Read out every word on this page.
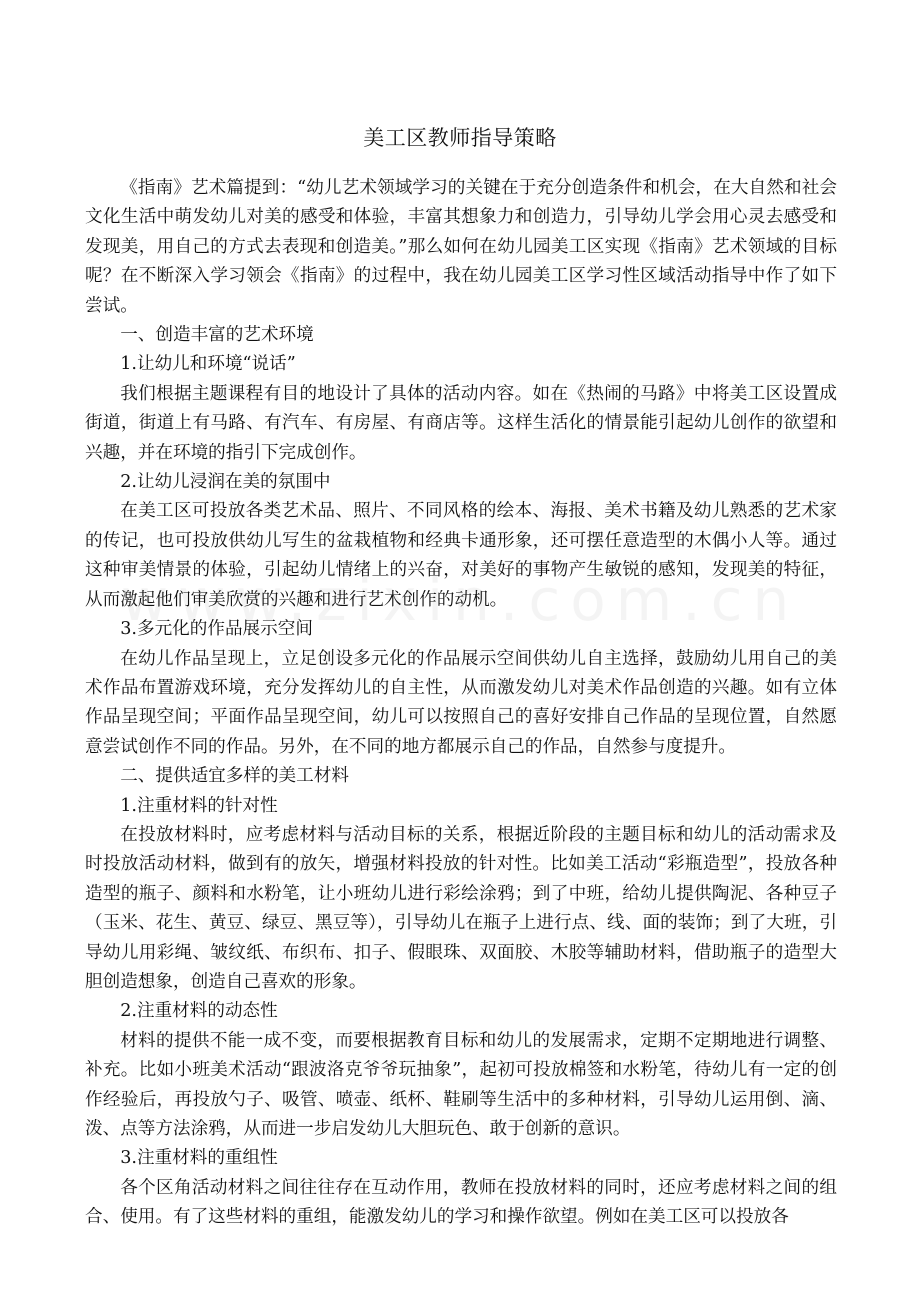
美工区教师指导策略

《指南》艺术篇提到：“幼儿艺术领域学习的关键在于充分创造条件和机会，在大自然和社会文化生活中萌发幼儿对美的感受和体验，丰富其想象力和创造力，引导幼儿学会用心灵去感受和发现美，用自己的方式去表现和创造美。”那么如何在幼儿园美工区实现《指南》艺术领域的目标呢？在不断深入学习领会《指南》的过程中，我在幼儿园美工区学习性区域活动指导中作了如下尝试。

一、创造丰富的艺术环境

1.让幼儿和环境“说话”

我们根据主题课程有目的地设计了具体的活动内容。如在《热闹的马路》中将美工区设置成街道，街道上有马路、有汽车、有房屋、有商店等。这样生活化的情景能引起幼儿创作的欲望和兴趣，并在环境的指引下完成创作。

2.让幼儿浸润在美的氛围中

在美工区可投放各类艺术品、照片、不同风格的绘本、海报、美术书籍及幼儿熟悉的艺术家的传记，也可投放供幼儿写生的盆栽植物和经典卡通形象，还可摆任意造型的木偶小人等。通过这种审美情景的体验，引起幼儿情绪上的兴奋，对美好的事物产生敏锐的感知，发现美的特征，从而激起他们审美欣赏的兴趣和进行艺术创作的动机。

3.多元化的作品展示空间

在幼儿作品呈现上，立足创设多元化的作品展示空间供幼儿自主选择，鼓励幼儿用自己的美术作品布置游戏环境，充分发挥幼儿的自主性，从而激发幼儿对美术作品创造的兴趣。如有立体作品呈现空间；平面作品呈现空间，幼儿可以按照自己的喜好安排自己作品的呈现位置，自然愿意尝试创作不同的作品。另外，在不同的地方都展示自己的作品，自然参与度提升。

二、提供适宜多样的美工材料

1.注重材料的针对性

在投放材料时，应考虑材料与活动目标的关系，根据近阶段的主题目标和幼儿的活动需求及时投放活动材料，做到有的放矢，增强材料投放的针对性。比如美工活动“彩瓶造型”，投放各种造型的瓶子、颜料和水粉笔，让小班幼儿进行彩绘涂鸦；到了中班，给幼儿提供陶泥、各种豆子（玉米、花生、黄豆、绿豆、黑豆等），引导幼儿在瓶子上进行点、线、面的装饰；到了大班，引导幼儿用彩绳、皱纹纸、布织布、扣子、假眼珠、双面胶、木胶等辅助材料，借助瓶子的造型大胆创造想象，创造自己喜欢的形象。

2.注重材料的动态性

材料的提供不能一成不变，而要根据教育目标和幼儿的发展需求，定期不定期地进行调整、补充。比如小班美术活动“跟波洛克爷爷玩抽象”，起初可投放棉签和水粉笔，待幼儿有一定的创作经验后，再投放勺子、吸管、喷壶、纸杯、鞋刷等生活中的多种材料，引导幼儿运用倒、滴、泼、点等方法涂鸦，从而进一步启发幼儿大胆玩色、敢于创新的意识。

3.注重材料的重组性

各个区角活动材料之间往往存在互动作用，教师在投放材料的同时，还应考虑材料之间的组合、使用。有了这些材料的重组，能激发幼儿的学习和操作欲望。例如在美工区可以投放各
